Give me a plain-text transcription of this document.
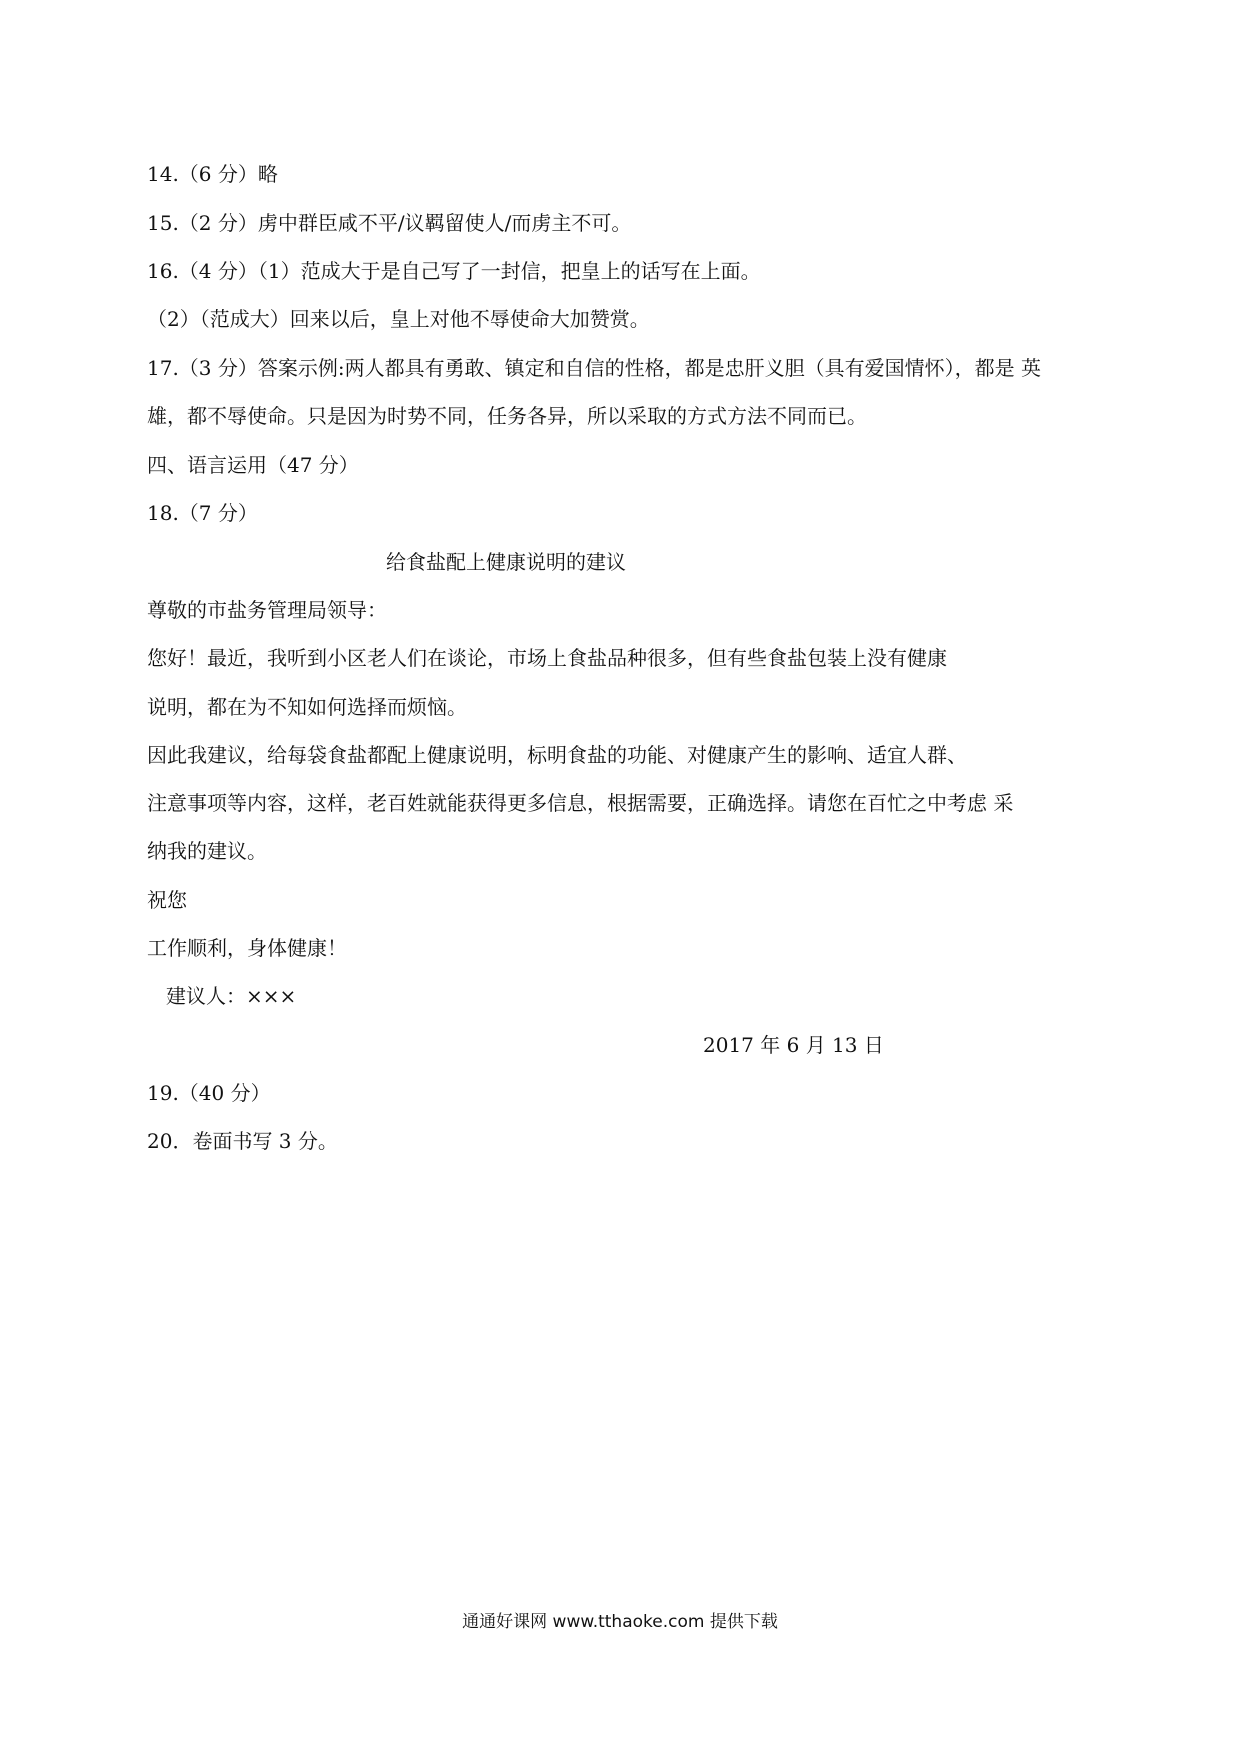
14.（6 分）略
15.（2 分）虏中群臣咸不平/议羁留使人/而虏主不可。
16.（4 分）（1）范成大于是自己写了一封信，把皇上的话写在上面。
（2）（范成大）回来以后，皇上对他不辱使命大加赞赏。
17.（3 分）答案示例:两人都具有勇敢、镇定和自信的性格，都是忠肝义胆（具有爱国情怀），都是 英
雄，都不辱使命。只是因为时势不同，任务各异，所以采取的方式方法不同而已。
四、语言运用（47 分）
18.（7 分）
给食盐配上健康说明的建议
尊敬的市盐务管理局领导：
您好！最近，我听到小区老人们在谈论，市场上食盐品种很多，但有些食盐包装上没有健康
说明，都在为不知如何选择而烦恼。
因此我建议，给每袋食盐都配上健康说明，标明食盐的功能、对健康产生的影响、适宜人群、
注意事项等内容，这样，老百姓就能获得更多信息，根据需要，正确选择。请您在百忙之中考虑 采
纳我的建议。
祝您
工作顺利，身体健康！
建议人：×××
2017 年 6 月 13 日
19.（40 分）
20．卷面书写 3 分。
通通好课网 www.tthaoke.com 提供下载
